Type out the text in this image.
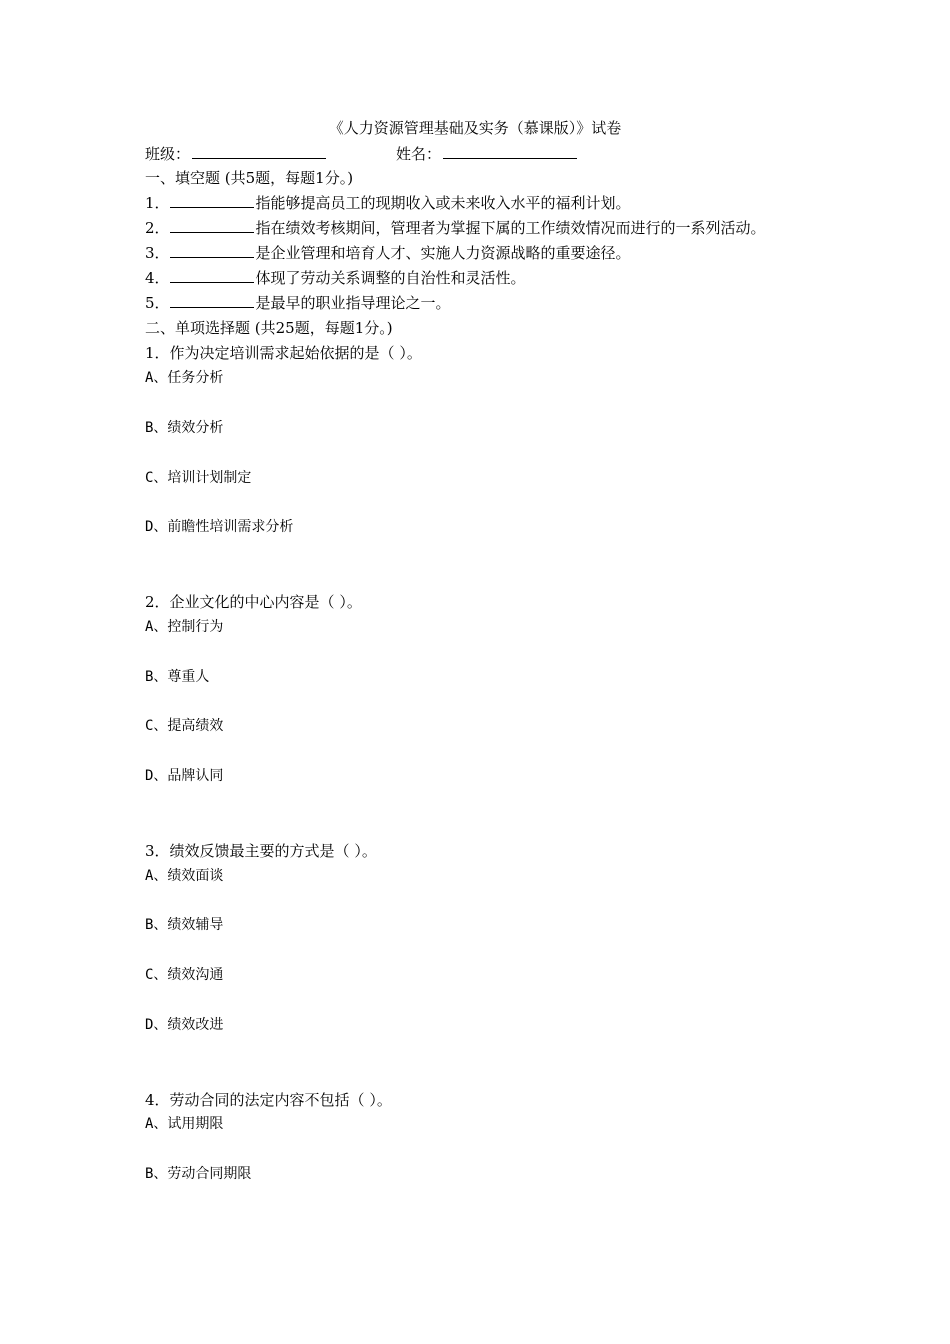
《人力资源管理基础及实务（慕课版）》试卷
班级：	姓名：
一、填空题 (共5题，每题1分。)
1．	指能够提高员工的现期收入或未来收入水平的福利计划。
2．	指在绩效考核期间，管理者为掌握下属的工作绩效情况而进行的一系列活动。
3．	是企业管理和培育人才、实施人力资源战略的重要途径。
4．	体现了劳动关系调整的自治性和灵活性。
5．	是最早的职业指导理论之一。
二、单项选择题 (共25题，每题1分。)
1．作为决定培训需求起始依据的是（ ）。
A、任务分析
B、绩效分析
C、培训计划制定
D、前瞻性培训需求分析
2．企业文化的中心内容是（ ）。
A、控制行为
B、尊重人
C、提高绩效
D、品牌认同
3．绩效反馈最主要的方式是（ ）。
A、绩效面谈
B、绩效辅导
C、绩效沟通
D、绩效改进
4．劳动合同的法定内容不包括（ ）。
A、试用期限
B、劳动合同期限
